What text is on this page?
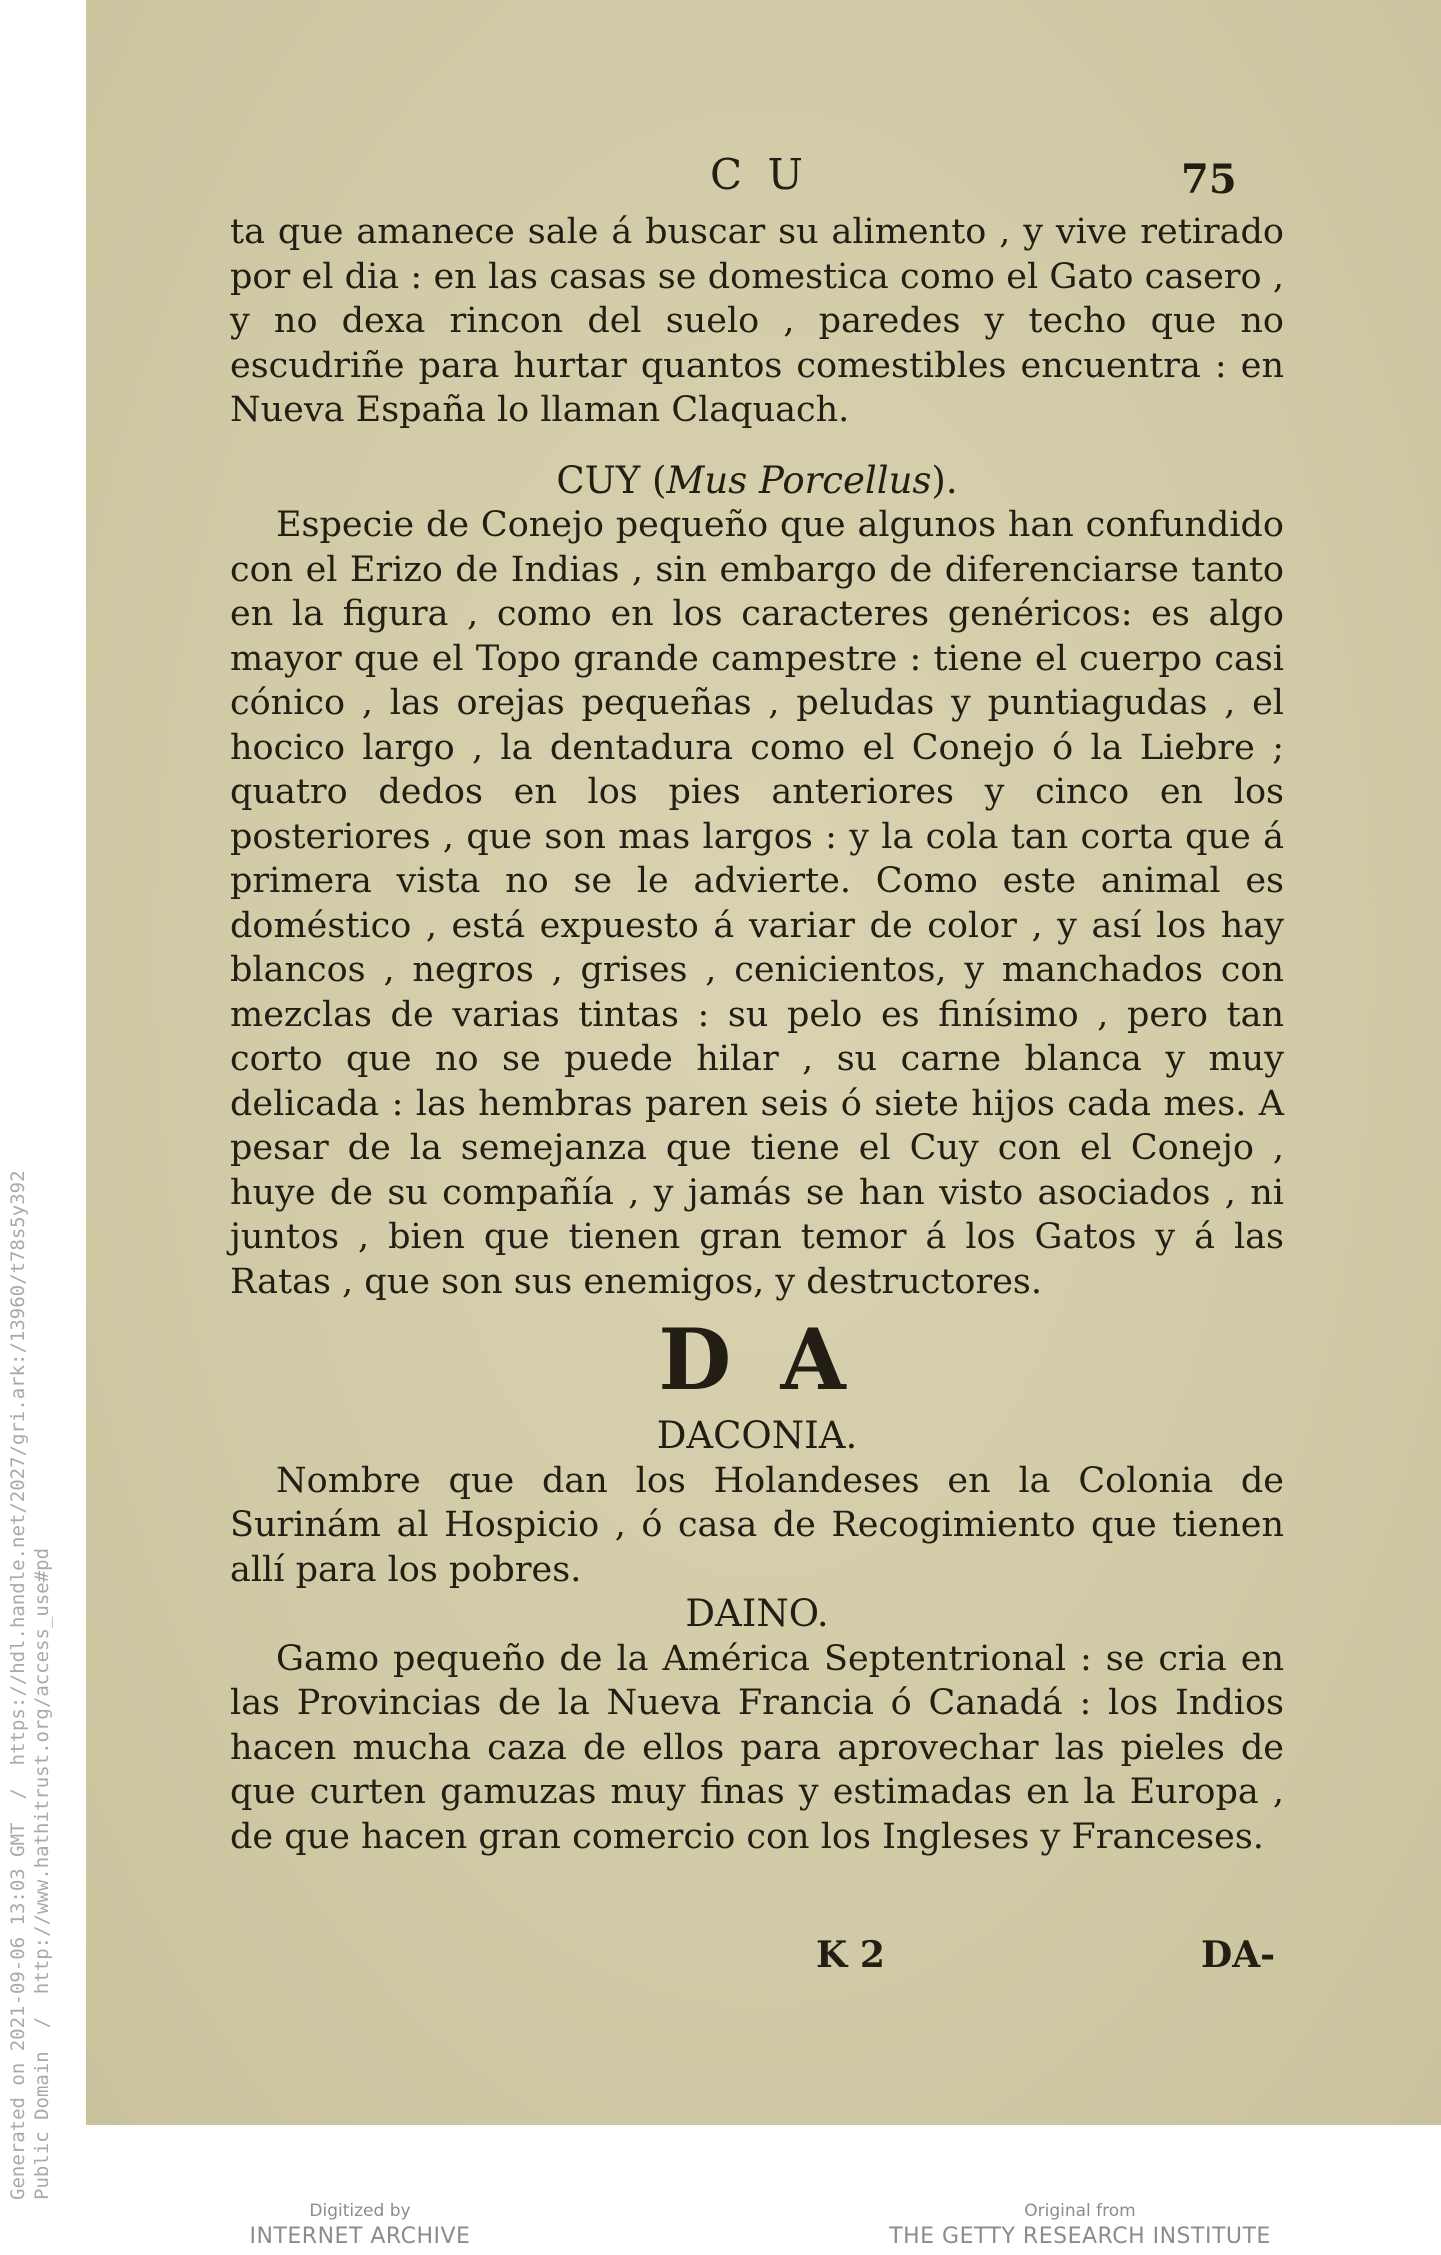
Generated on 2021-09-06 13:03 GMT  /  https://hdl.handle.net/2027/gri.ark:/13960/t78s5y392
Public Domain  /  http://www.hathitrust.org/access_use#pd
C U	75

ta que amanece sale á buscar su alimento , y vive retirado por el dia : en las casas se domestica como el Gato casero , y no dexa rincon del suelo , paredes y techo que no escudriñe para hurtar quantos comestibles encuentra : en Nueva España lo llaman Claquach.

CUY (Mus Porcellus).

Especie de Conejo pequeño que algunos han confundido con el Erizo de Indias , sin embargo de diferenciarse tanto en la figura , como en los caracteres genéricos: es algo mayor que el Topo grande campestre : tiene el cuerpo casi cónico , las orejas pequeñas , peludas y puntiagudas , el hocico largo , la dentadura como el Conejo ó la Liebre ; quatro dedos en los pies anteriores y cinco en los posteriores , que son mas largos : y la cola tan corta que á primera vista no se le advierte. Como este animal es doméstico , está expuesto á variar de color , y así los hay blancos , negros , grises , cenicientos, y manchados con mezclas de varias tintas : su pelo es finísimo , pero tan corto que no se puede hilar , su carne blanca y muy delicada : las hembras paren seis ó siete hijos cada mes. A pesar de la semejanza que tiene el Cuy con el Conejo , huye de su compañía , y jamás se han visto asociados , ni juntos , bien que tienen gran temor á los Gatos y á las Ratas , que son sus enemigos, y destructores.

D A
DACONIA.

Nombre que dan los Holandeses en la Colonia de Surinám al Hospicio , ó casa de Recogimiento que tienen allí para los pobres.

DAINO.

Gamo pequeño de la América Septentrional : se cria en las Provincias de la Nueva Francia ó Canadá : los Indios hacen mucha caza de ellos para aprovechar las pieles de que curten gamuzas muy finas y estimadas en la Europa , de que hacen gran comercio con los Ingleses y Franceses.

K 2	DA-
Digitized by
INTERNET ARCHIVE
Original from
THE GETTY RESEARCH INSTITUTE
